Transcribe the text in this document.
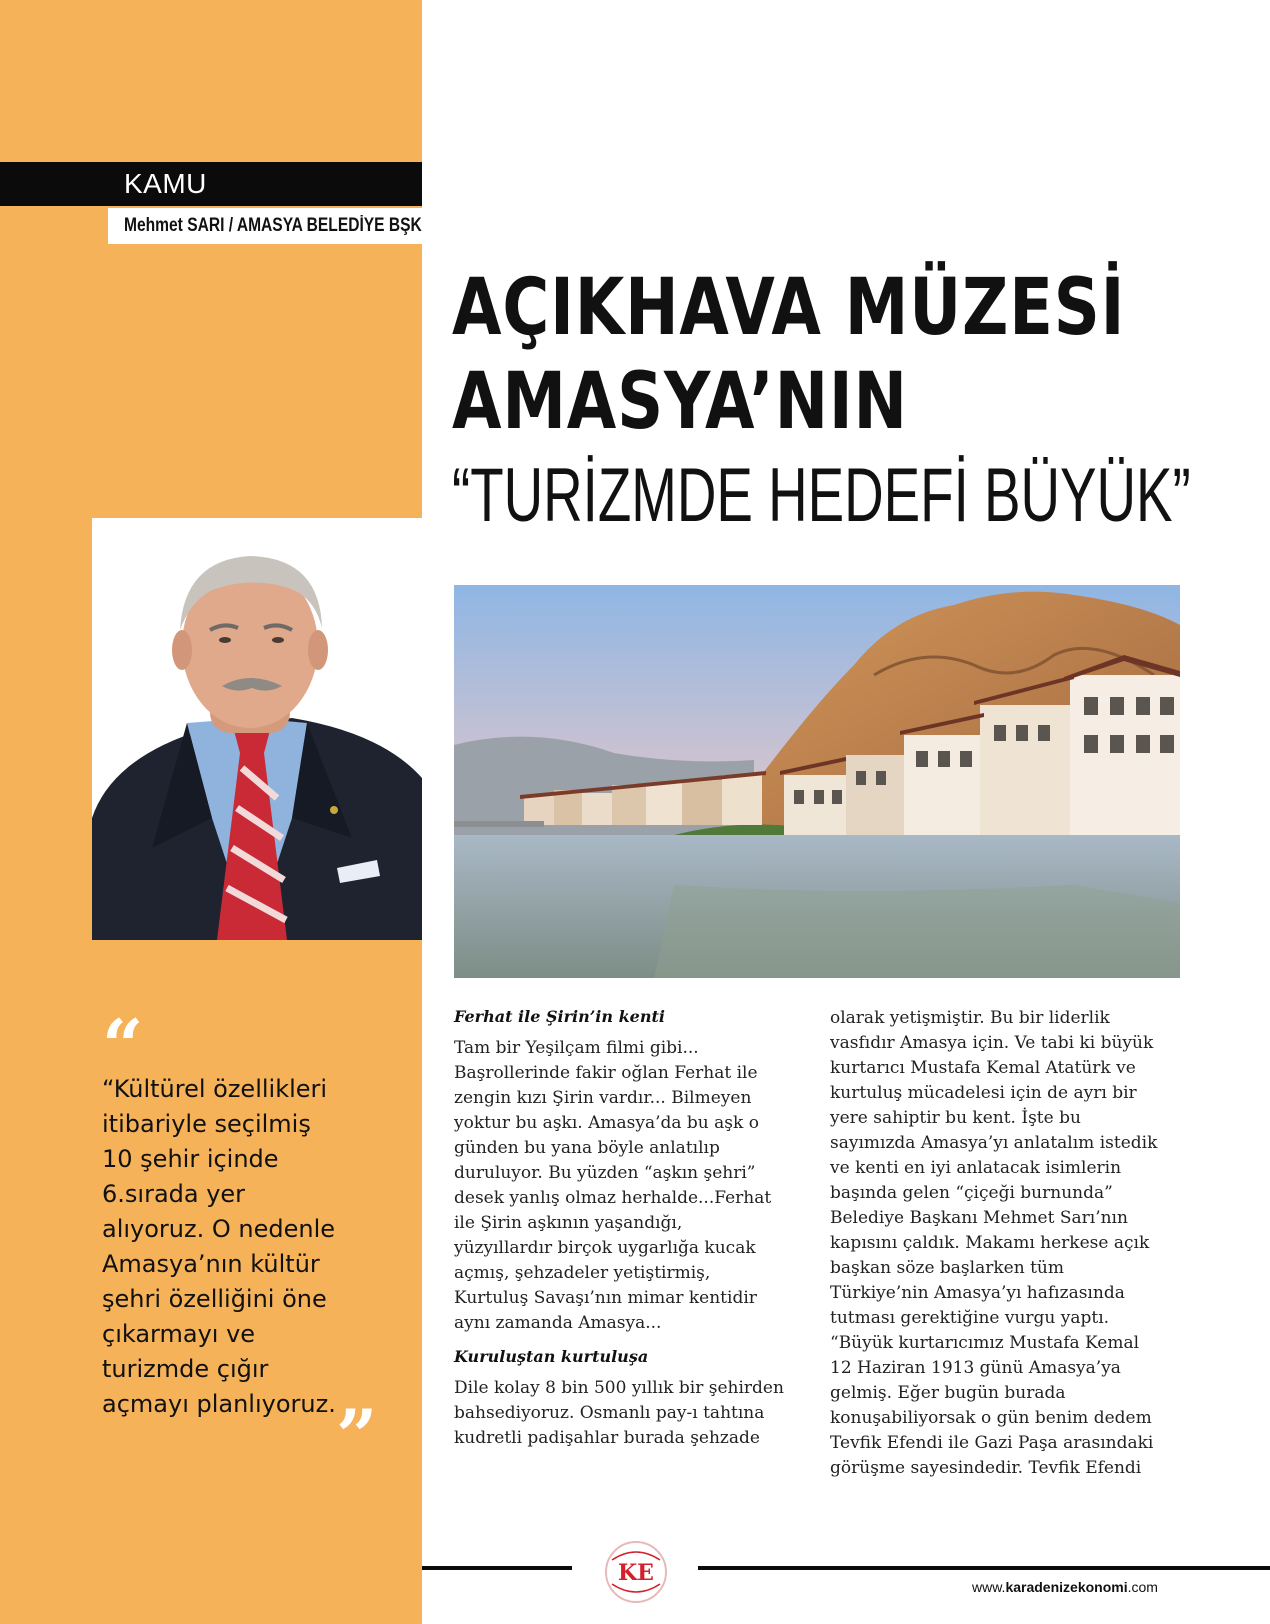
KAMU
Mehmet SARI / AMASYA BELEDİYE BŞK
AÇIKHAVA MÜZESİ
AMASYA’NIN
“TURİZMDE HEDEFİ BÜYÜK”
“
“Kültürel özellikleri itibariyle seçilmiş 10 şehir içinde 6.sırada yer alıyoruz. O nedenle Amasya’nın kültür şehri özelliğini öne çıkarmayı ve turizmde çığır açmayı planlıyoruz. ”
Ferhat ile Şirin’in kenti

Tam bir Yeşilçam filmi gibi... Başrollerinde fakir oğlan Ferhat ile zengin kızı Şirin vardır... Bilmeyen yoktur bu aşkı. Amasya’da bu aşk o günden bu yana böyle anlatılıp duruluyor. Bu yüzden “aşkın şehri” desek yanlış olmaz herhalde...Ferhat ile Şirin aşkının yaşandığı, yüzyıllardır birçok uygarlığa kucak açmış, şehzadeler yetiştirmiş, Kurtuluş Savaşı’nın mimar kentidir aynı zamanda Amasya...

Kuruluştan kurtuluşa

Dile kolay 8 bin 500 yıllık bir şehirden bahsediyoruz. Osmanlı pay-ı tahtına kudretli padişahlar burada şehzade

olarak yetişmiştir. Bu bir liderlik vasfıdır Amasya için. Ve tabi ki büyük kurtarıcı Mustafa Kemal Atatürk ve kurtuluş mücadelesi için de ayrı bir yere sahiptir bu kent. İşte bu sayımızda Amasya’yı anlatalım istedik ve kenti en iyi anlatacak isimlerin başında gelen “çiçeği burnunda” Belediye Başkanı Mehmet Sarı’nın kapısını çaldık. Makamı herkese açık başkan söze başlarken tüm Türkiye’nin Amasya’yı hafızasında tutması gerektiğine vurgu yaptı. “Büyük kurtarıcımız Mustafa Kemal 12 Haziran 1913 günü Amasya’ya gelmiş. Eğer bugün burada konuşabiliyorsak o gün benim dedem Tevfik Efendi ile Gazi Paşa arasındaki görüşme sayesindedir. Tevfik Efendi

KE
www.karadenizekonomi.com
